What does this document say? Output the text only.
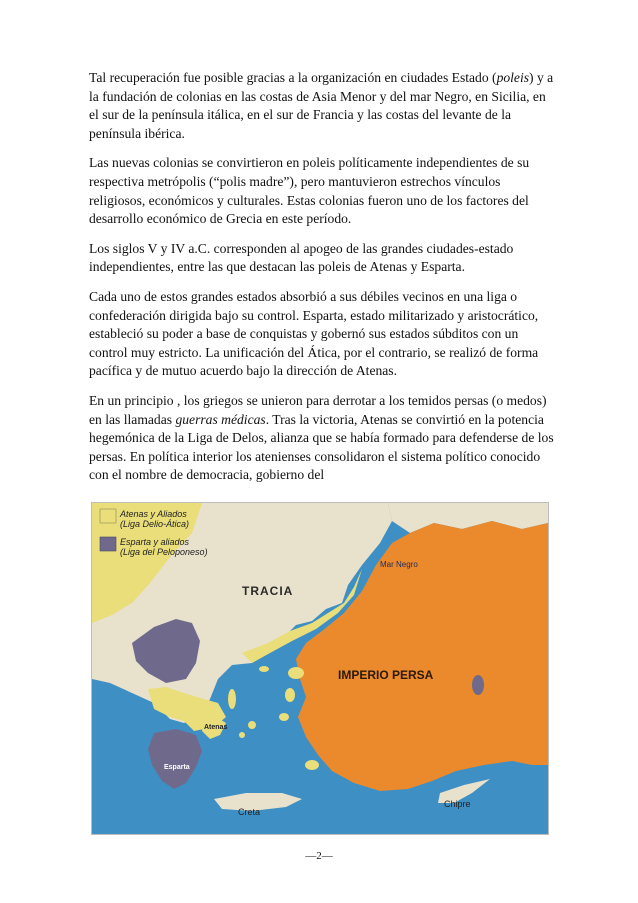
Tal recuperación fue posible gracias a la organización en ciudades Estado (poleis) y a la fundación de colonias en las costas de Asia Menor y del mar Negro, en Sicilia, en el sur de la península itálica, en el sur de Francia y las costas del levante de la península ibérica.

Las nuevas colonias se convirtieron en poleis políticamente independientes de su respectiva metrópolis (“polis madre”), pero mantuvieron estrechos vínculos religiosos, económicos y culturales. Estas colonias fueron uno de los factores del desarrollo económico de Grecia en este período.

Los siglos V y IV a.C. corresponden al apogeo de las grandes ciudades-estado independientes, entre las que destacan las poleis de Atenas y Esparta.

Cada uno de estos grandes estados absorbió a sus débiles vecinos en una liga o confederación dirigida bajo su control. Esparta, estado militarizado y aristocrático, estableció su poder a base de conquistas y gobernó sus estados súbditos con un control muy estricto. La unificación del Ática, por el contrario, se realizó de forma pacífica y de mutuo acuerdo bajo la dirección de Atenas.

En un principio , los griegos se unieron para derrotar a los temidos persas (o medos) en las llamadas guerras médicas. Tras la victoria, Atenas se convirtió en la potencia hegemónica de la Liga de Delos, alianza que se había formado para defenderse de los persas. En política interior los atenienses consolidaron el sistema político conocido con el nombre de democracia, gobierno del

Atenas y Aliados
(Liga Delio-Ática)
Esparta y aliados
(Liga del Peloponeso)
TRACIA
Mar Negro
IMPERIO PERSA
Atenas
Esparta
Creta
Chipre
—2—
